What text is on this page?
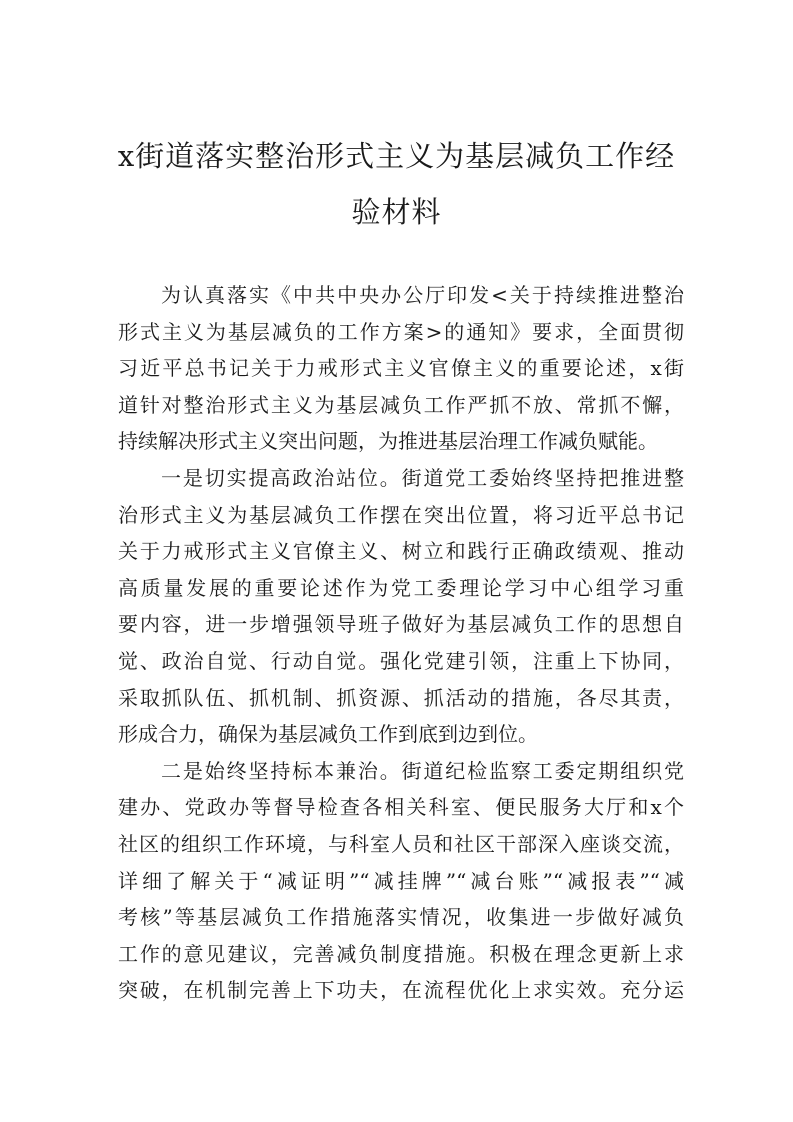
x街道落实整治形式主义为基层减负工作经
验材料
为认真落实《中共中央办公厅印发<关于持续推进整治
形式主义为基层减负的工作方案>的通知》要求，全面贯彻
习近平总书记关于力戒形式主义官僚主义的重要论述，x街
道针对整治形式主义为基层减负工作严抓不放、常抓不懈，
持续解决形式主义突出问题，为推进基层治理工作减负赋能。
一是切实提高政治站位。街道党工委始终坚持把推进整
治形式主义为基层减负工作摆在突出位置，将习近平总书记
关于力戒形式主义官僚主义、树立和践行正确政绩观、推动
高质量发展的重要论述作为党工委理论学习中心组学习重
要内容，进一步增强领导班子做好为基层减负工作的思想自
觉、政治自觉、行动自觉。强化党建引领，注重上下协同，
采取抓队伍、抓机制、抓资源、抓活动的措施，各尽其责，
形成合力，确保为基层减负工作到底到边到位。
二是始终坚持标本兼治。街道纪检监察工委定期组织党
建办、党政办等督导检查各相关科室、便民服务大厅和x个
社区的组织工作环境，与科室人员和社区干部深入座谈交流，
详细了解关于“减证明”“减挂牌”“减台账”“减报表”“减
考核”等基层减负工作措施落实情况，收集进一步做好减负
工作的意见建议，完善减负制度措施。积极在理念更新上求
突破，在机制完善上下功夫，在流程优化上求实效。充分运
